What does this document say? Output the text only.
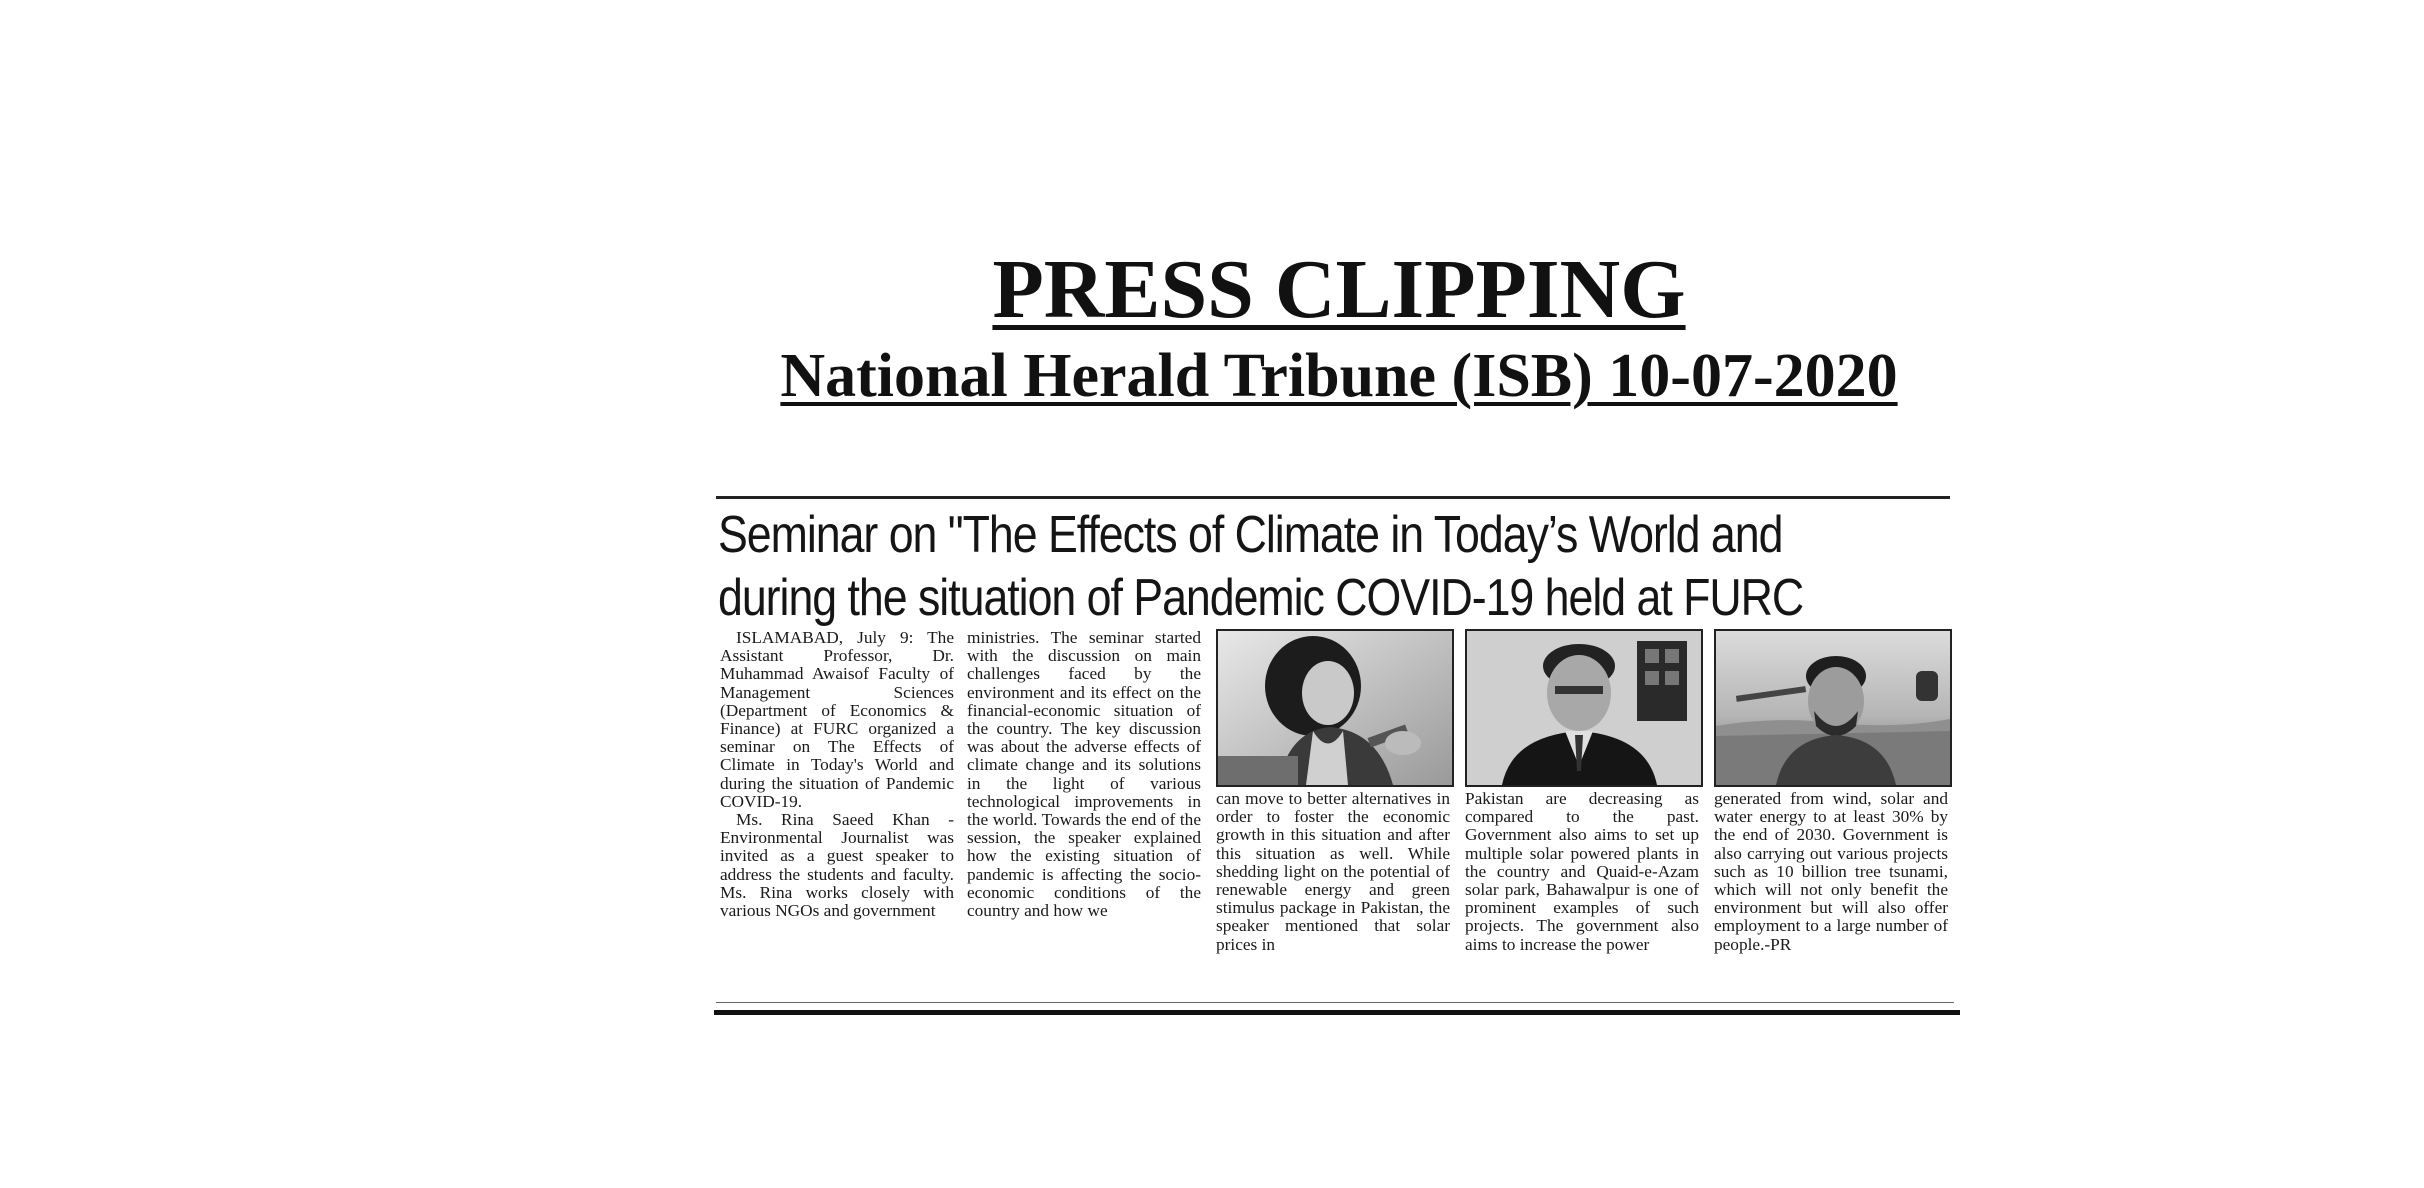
PRESS CLIPPING
National Herald Tribune (ISB) 10-07-2020
Seminar on "The Effects of Climate in Today’s World and
during the situation of Pandemic COVID-19 held at FURC

ISLAMABAD, July 9: The Assistant Professor, Dr. Muhammad Awaisof Faculty of Management Sciences (Department of Economics & Finance) at FURC organized a seminar on The Effects of Climate in Today's World and during the situation of Pandemic COVID-19.

Ms. Rina Saeed Khan - Environmental Journalist was invited as a guest speaker to address the students and faculty. Ms. Rina works closely with various NGOs and government

ministries. The seminar started with the discussion on main challenges faced by the environment and its effect on the financial-economic situation of the country. The key discussion was about the adverse effects of climate change and its solutions in the light of various technological improvements in the world. Towards the end of the session, the speaker explained how the existing situation of pandemic is affecting the socio-economic conditions of the country and how we

can move to better alternatives in order to foster the economic growth in this situation and after this situation as well. While shedding light on the potential of renewable energy and green stimulus package in Pakistan, the speaker mentioned that solar prices in

Pakistan are decreasing as compared to the past. Government also aims to set up multiple solar powered plants in the country and Quaid-e-Azam solar park, Bahawalpur is one of prominent examples of such projects. The government also aims to increase the power

generated from wind, solar and water energy to at least 30% by the end of 2030. Government is also carrying out various projects such as 10 billion tree tsunami, which will not only benefit the environment but will also offer employment to a large number of people.-PR
